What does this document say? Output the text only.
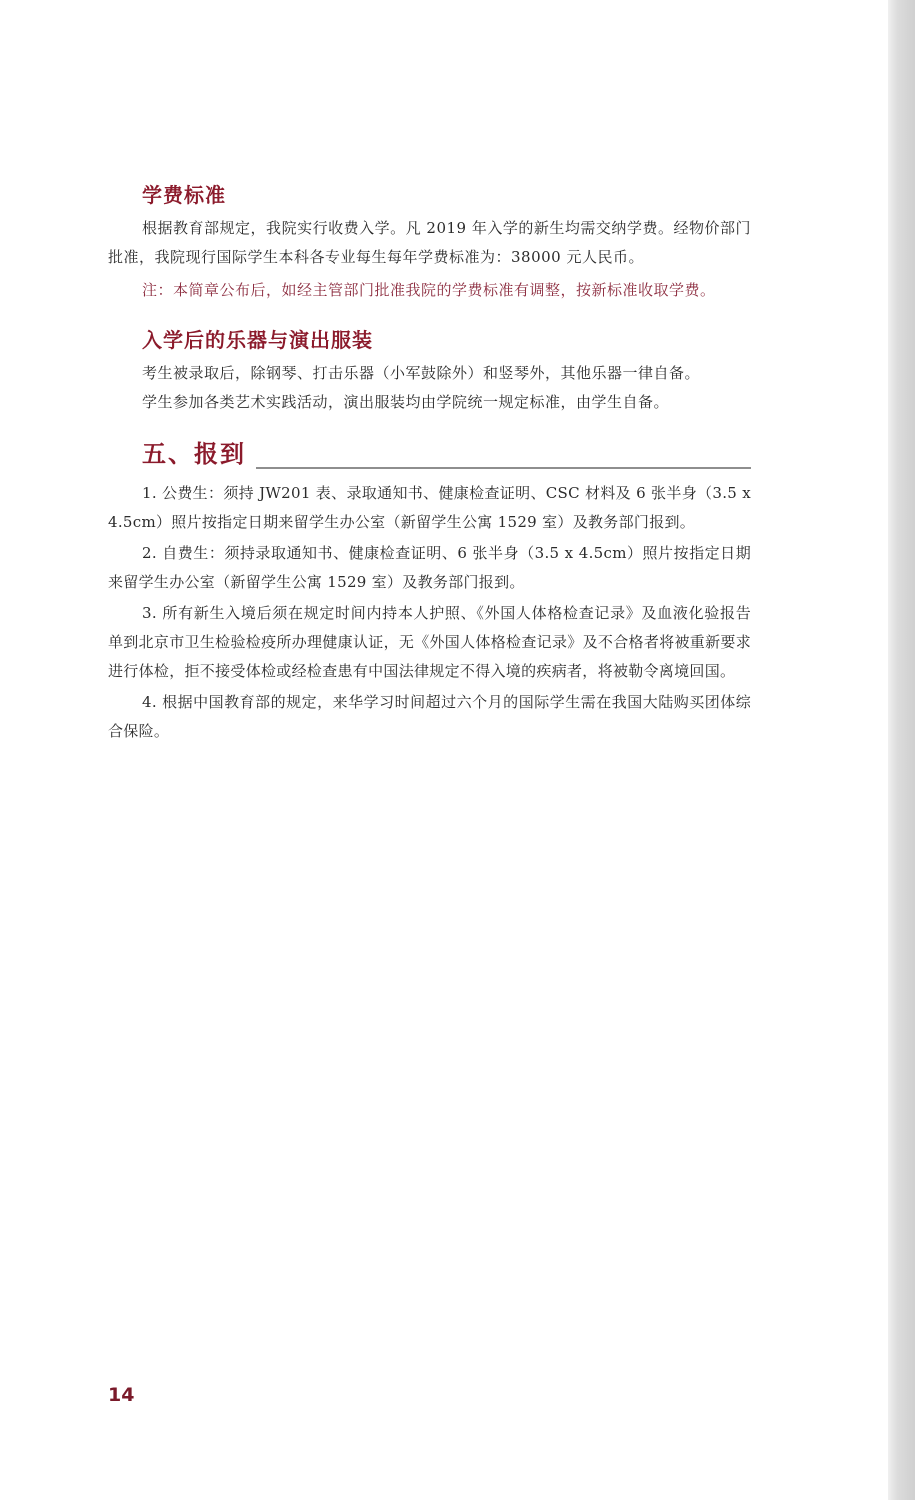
学费标准

根据教育部规定，我院实行收费入学。凡 2019 年入学的新生均需交纳学费。经物价部门批准，我院现行国际学生本科各专业每生每年学费标准为：38000 元人民币。

注：本简章公布后，如经主管部门批准我院的学费标准有调整，按新标准收取学费。

入学后的乐器与演出服装

考生被录取后，除钢琴、打击乐器（小军鼓除外）和竖琴外，其他乐器一律自备。

学生参加各类艺术实践活动，演出服装均由学院统一规定标准，由学生自备。

五、报到

1. 公费生：须持 JW201 表、录取通知书、健康检查证明、CSC 材料及 6 张半身（3.5 x 4.5cm）照片按指定日期来留学生办公室（新留学生公寓 1529 室）及教务部门报到。

2. 自费生：须持录取通知书、健康检查证明、6 张半身（3.5 x 4.5cm）照片按指定日期来留学生办公室（新留学生公寓 1529 室）及教务部门报到。

3. 所有新生入境后须在规定时间内持本人护照、《外国人体格检查记录》及血液化验报告单到北京市卫生检验检疫所办理健康认证，无《外国人体格检查记录》及不合格者将被重新要求进行体检，拒不接受体检或经检查患有中国法律规定不得入境的疾病者，将被勒令离境回国。

4. 根据中国教育部的规定，来华学习时间超过六个月的国际学生需在我国大陆购买团体综合保险。

14
